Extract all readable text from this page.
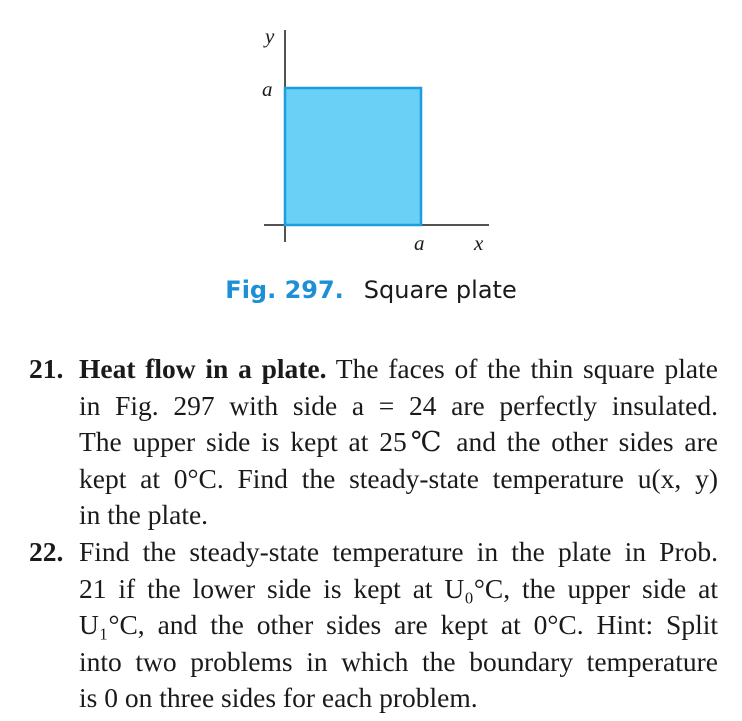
y
a
a x
Fig. 297. Square plate
21. Heat flow in a plate. The faces of the thin square plate
in Fig. 297 with side a = 24 are perfectly insulated.
The upper side is kept at 25℃ and the other sides are
kept at 0°C. Find the steady-state temperature u(x, y)
in the plate.
22. Find the steady-state temperature in the plate in Prob.
21 if the lower side is kept at U₀°C, the upper side at
U₁°C, and the other sides are kept at 0°C. Hint: Split
into two problems in which the boundary temperature
is 0 on three sides for each problem.
